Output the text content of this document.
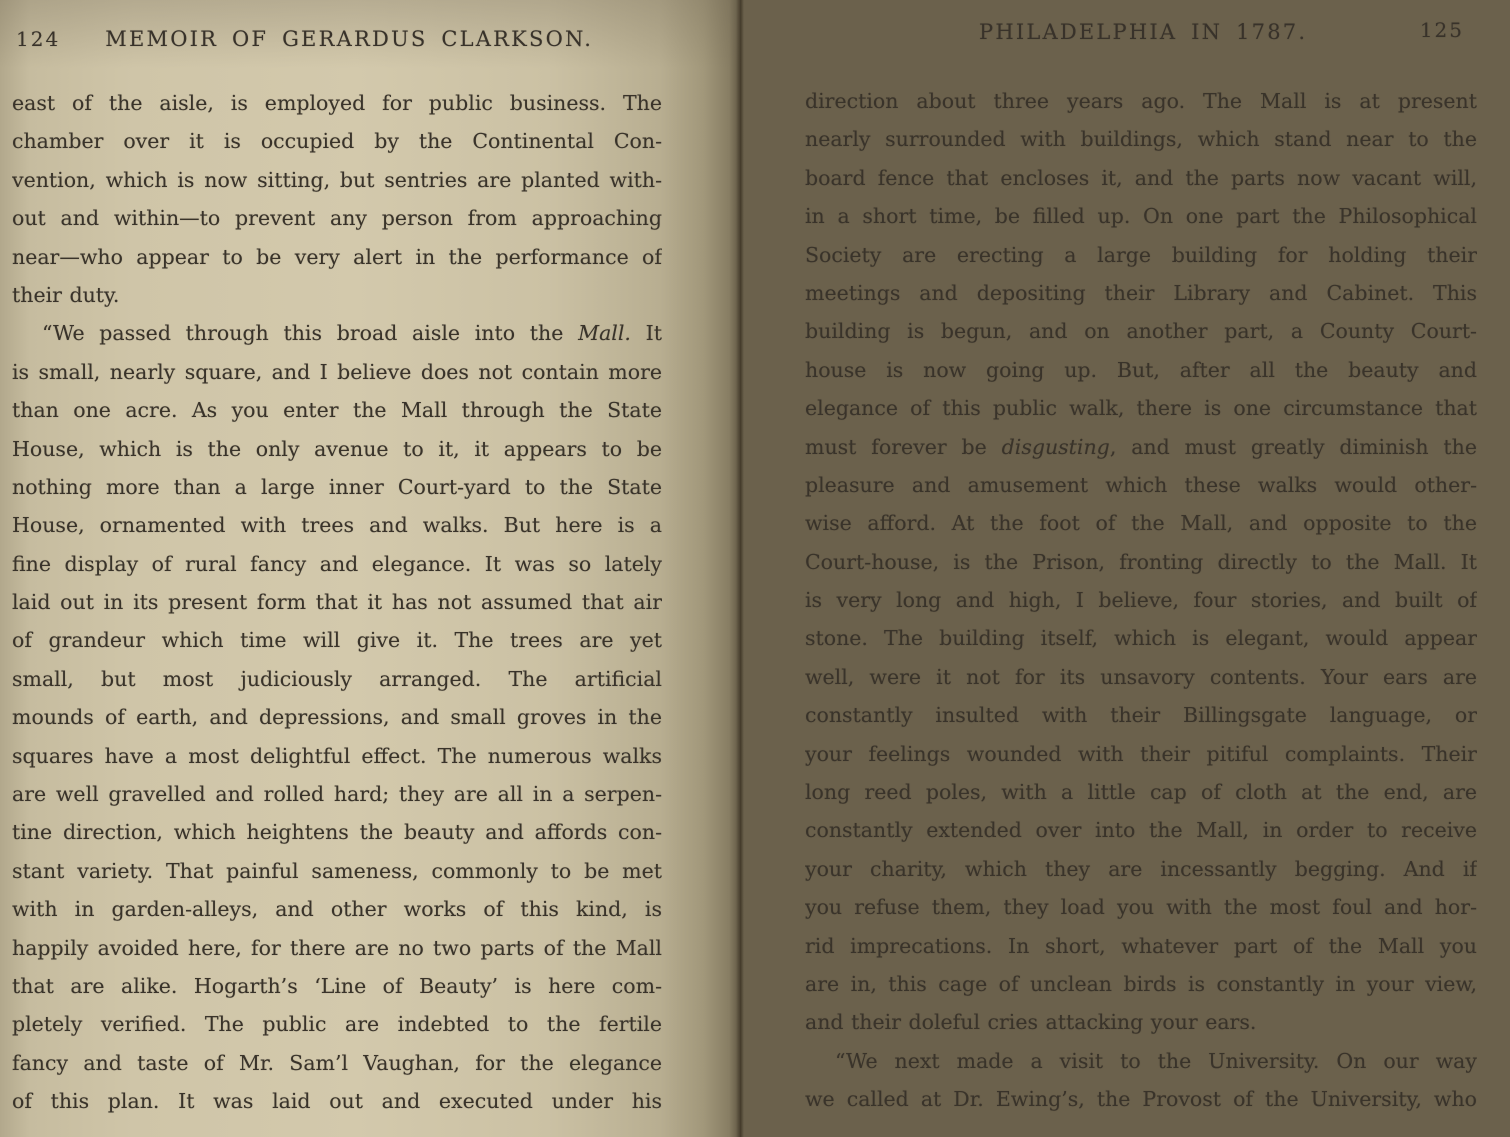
124 MEMOIR OF GERARDUS CLARKSON.
east of the aisle, is employed for public business. The
chamber over it is occupied by the Continental Con-
vention, which is now sitting, but sentries are planted with-
out and within—to prevent any person from approaching
near—who appear to be very alert in the performance of
their duty.
“We passed through this broad aisle into the Mall. It
is small, nearly square, and I believe does not contain more
than one acre. As you enter the Mall through the State
House, which is the only avenue to it, it appears to be
nothing more than a large inner Court-yard to the State
House, ornamented with trees and walks. But here is a
fine display of rural fancy and elegance. It was so lately
laid out in its present form that it has not assumed that air
of grandeur which time will give it. The trees are yet
small, but most judiciously arranged. The artificial
mounds of earth, and depressions, and small groves in the
squares have a most delightful effect. The numerous walks
are well gravelled and rolled hard; they are all in a serpen-
tine direction, which heightens the beauty and affords con-
stant variety. That painful sameness, commonly to be met
with in garden-alleys, and other works of this kind, is
happily avoided here, for there are no two parts of the Mall
that are alike. Hogarth’s ‘Line of Beauty’ is here com-
pletely verified. The public are indebted to the fertile
fancy and taste of Mr. Sam’l Vaughan, for the elegance
of this plan. It was laid out and executed under his
PHILADELPHIA IN 1787.	125
direction about three years ago. The Mall is at present
nearly surrounded with buildings, which stand near to the
board fence that encloses it, and the parts now vacant will,
in a short time, be filled up. On one part the Philosophical
Society are erecting a large building for holding their
meetings and depositing their Library and Cabinet. This
building is begun, and on another part, a County Court-
house is now going up. But, after all the beauty and
elegance of this public walk, there is one circumstance that
must forever be disgusting, and must greatly diminish the
pleasure and amusement which these walks would other-
wise afford. At the foot of the Mall, and opposite to the
Court-house, is the Prison, fronting directly to the Mall. It
is very long and high, I believe, four stories, and built of
stone. The building itself, which is elegant, would appear
well, were it not for its unsavory contents. Your ears are
constantly insulted with their Billingsgate language, or
your feelings wounded with their pitiful complaints. Their
long reed poles, with a little cap of cloth at the end, are
constantly extended over into the Mall, in order to receive
your charity, which they are incessantly begging. And if
you refuse them, they load you with the most foul and hor-
rid imprecations. In short, whatever part of the Mall you
are in, this cage of unclean birds is constantly in your view,
and their doleful cries attacking your ears.
“We next made a visit to the University. On our way
we called at Dr. Ewing’s, the Provost of the University, who
